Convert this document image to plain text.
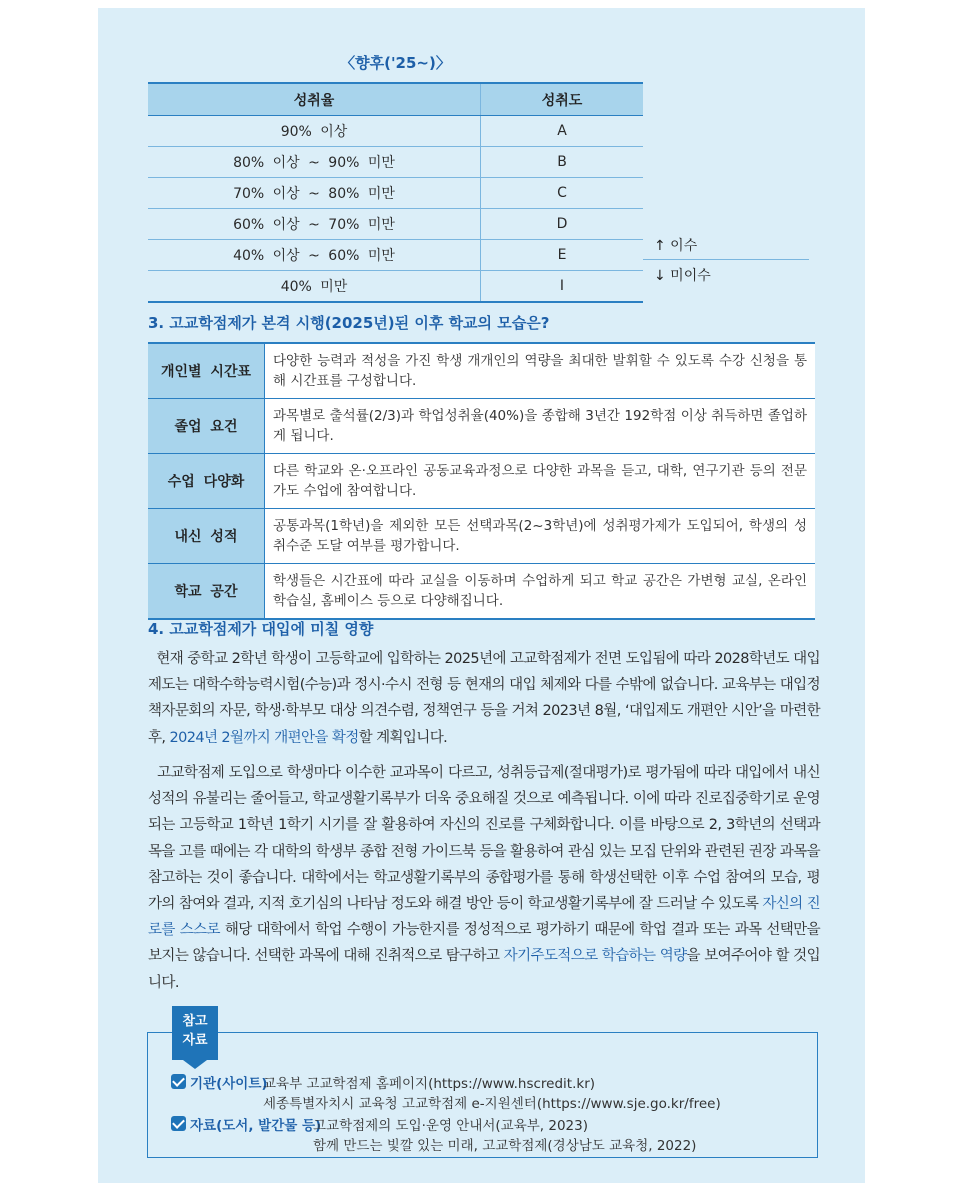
〈향후('25~)〉
성취율	성취도
90% 이상	A
80% 이상 ~ 90% 미만	B
70% 이상 ~ 80% 미만	C
60% 이상 ~ 70% 미만	D
40% 이상 ~ 60% 미만	E
40% 미만	I
↑ 이수
↓ 미이수
3. 고교학점제가 본격 시행(2025년)된 이후 학교의 모습은?
개인별 시간표	다양한 능력과 적성을 가진 학생 개개인의 역량을 최대한 발휘할 수 있도록 수강 신청을 통해 시간표를 구성합니다.
졸업 요건	과목별로 출석률(2/3)과 학업성취율(40%)을 종합해 3년간 192학점 이상 취득하면 졸업하게 됩니다.
수업 다양화	다른 학교와 온·오프라인 공동교육과정으로 다양한 과목을 듣고, 대학, 연구기관 등의 전문가도 수업에 참여합니다.
내신 성적	공통과목(1학년)을 제외한 모든 선택과목(2~3학년)에 성취평가제가 도입되어, 학생의 성취수준 도달 여부를 평가합니다.
학교 공간	학생들은 시간표에 따라 교실을 이동하며 수업하게 되고 학교 공간은 가변형 교실, 온라인 학습실, 홈베이스 등으로 다양해집니다.
4. 고교학점제가 대입에 미칠 영향
현재 중학교 2학년 학생이 고등학교에 입학하는 2025년에 고교학점제가 전면 도입됨에 따라 2028학년도 대입 제도는 대학수학능력시험(수능)과 정시·수시 전형 등 현재의 대입 체제와 다를 수밖에 없습니다. 교육부는 대입정책자문회의 자문, 학생·학부모 대상 의견수렴, 정책연구 등을 거쳐 2023년 8월, ‘대입제도 개편안 시안’을 마련한 후, 2024년 2월까지 개편안을 확정할 계획입니다.
고교학점제 도입으로 학생마다 이수한 교과목이 다르고, 성취등급제(절대평가)로 평가됨에 따라 대입에서 내신 성적의 유불리는 줄어들고, 학교생활기록부가 더욱 중요해질 것으로 예측됩니다. 이에 따라 진로집중학기로 운영되는 고등학교 1학년 1학기 시기를 잘 활용하여 자신의 진로를 구체화합니다. 이를 바탕으로 2, 3학년의 선택과목을 고를 때에는 각 대학의 학생부 종합 전형 가이드북 등을 활용하여 관심 있는 모집 단위와 관련된 권장 과목을 참고하는 것이 좋습니다. 대학에서는 학교생활기록부의 종합평가를 통해 학생선택한 이후 수업 참여의 모습, 평가의 참여와 결과, 지적 호기심의 나타남 정도와 해결 방안 등이 학교생활기록부에 잘 드러날 수 있도록 자신의 진로를 스스로 해당 대학에서 학업 수행이 가능한지를 정성적으로 평가하기 때문에 학업 결과 또는 과목 선택만을 보지는 않습니다. 선택한 과목에 대해 진취적으로 탐구하고 자기주도적으로 학습하는 역량을 보여주어야 할 것입니다.
참고
자료
기관(사이트)
교육부 고교학점제 홈페이지(https://www.hscredit.kr)
세종특별자치시 교육청 고교학점제 e-지원센터(https://www.sje.go.kr/free)
자료(도서, 발간물 등)
고교학점제의 도입·운영 안내서(교육부, 2023)
함께 만드는 빛깔 있는 미래, 고교학점제(경상남도 교육청, 2022)
